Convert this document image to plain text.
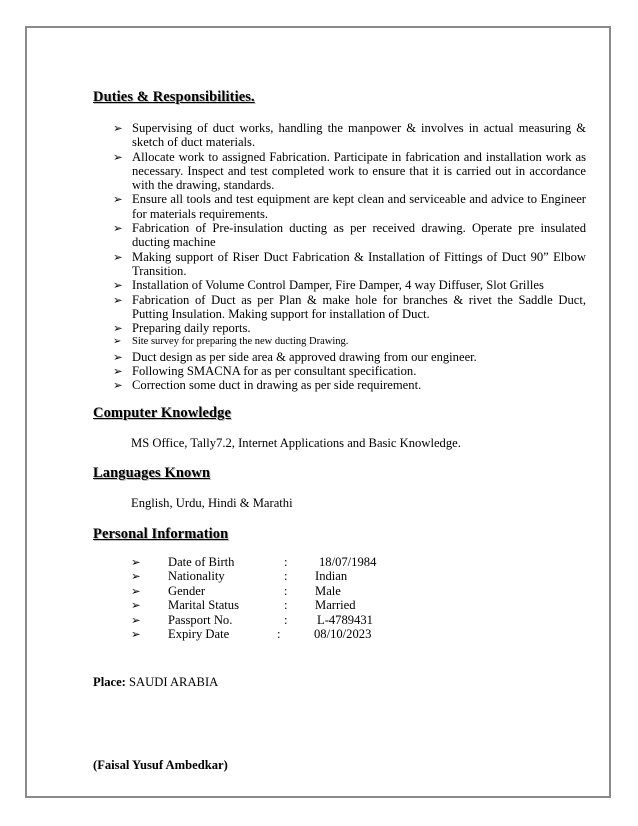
Duties & Responsibilities.
➢ Supervising of duct works, handling the manpower & involves in actual measuring & sketch of duct materials.
➢ Allocate work to assigned Fabrication. Participate in fabrication and installation work as necessary. Inspect and test completed work to ensure that it is carried out in accordance with the drawing, standards.
➢ Ensure all tools and test equipment are kept clean and serviceable and advice to Engineer for materials requirements.
➢ Fabrication of Pre-insulation ducting as per received drawing. Operate pre insulated ducting machine
➢ Making support of Riser Duct Fabrication & Installation of Fittings of Duct 90” Elbow Transition.
➢ Installation of Volume Control Damper, Fire Damper, 4 way Diffuser, Slot Grilles
➢ Fabrication of Duct as per Plan & make hole for branches & rivet the Saddle Duct, Putting Insulation. Making support for installation of Duct.
➢ Preparing daily reports.
➢ Site survey for preparing the new ducting Drawing.
➢ Duct design as per side area & approved drawing from our engineer.
➢ Following SMACNA for as per consultant specification.
➢ Correction some duct in drawing as per side requirement.
Computer Knowledge
MS Office, Tally7.2, Internet Applications and Basic Knowledge.
Languages Known
English, Urdu, Hindi & Marathi
Personal Information
➢ Date of Birth	:	18/07/1984
➢ Nationality	: Indian
➢ Gender	: Male
➢ Marital Status	: Married
➢ Passport No.	: L-4789431
➢ Expiry Date	:	08/10/2023
Place: SAUDI ARABIA
(Faisal Yusuf Ambedkar)
